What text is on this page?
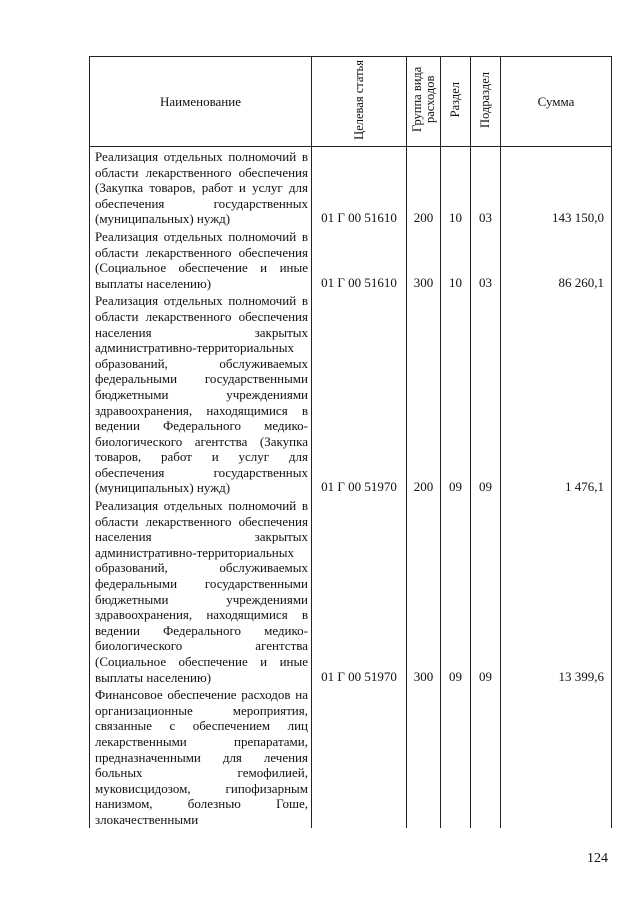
Наименование	Целевая статья	Группа вида расходов	Раздел	Подраздел	Сумма
Реализация отдельных полномочий в области лекарственного обеспечения (Закупка товаров, работ и услуг для обеспечения государственных (муниципальных) нужд)	01 Г 00 51610	200	10	03	143 150,0
Реализация отдельных полномочий в области лекарственного обеспечения (Социальное обеспечение и иные выплаты населению)	01 Г 00 51610	300	10	03	86 260,1
Реализация отдельных полномочий в области лекарственного обеспечения населения закрытых административно-территориальных образований, обслуживаемых федеральными государственными бюджетными учреждениями здравоохранения, находящимися в ведении Федерального медико-биологического агентства (Закупка товаров, работ и услуг для обеспечения государственных (муниципальных) нужд)	01 Г 00 51970	200	09	09	1 476,1
Реализация отдельных полномочий в области лекарственного обеспечения населения закрытых административно-территориальных образований, обслуживаемых федеральными государственными бюджетными учреждениями здравоохранения, находящимися в ведении Федерального медико-биологического агентства (Социальное обеспечение и иные выплаты населению)	01 Г 00 51970	300	09	09	13 399,6
Финансовое обеспечение расходов на организационные мероприятия, связанные с обеспечением лиц лекарственными препаратами, предназначенными для лечения больных гемофилией, муковисцидозом, гипофизарным нанизмом, болезнью Гоше, злокачественными					
124
